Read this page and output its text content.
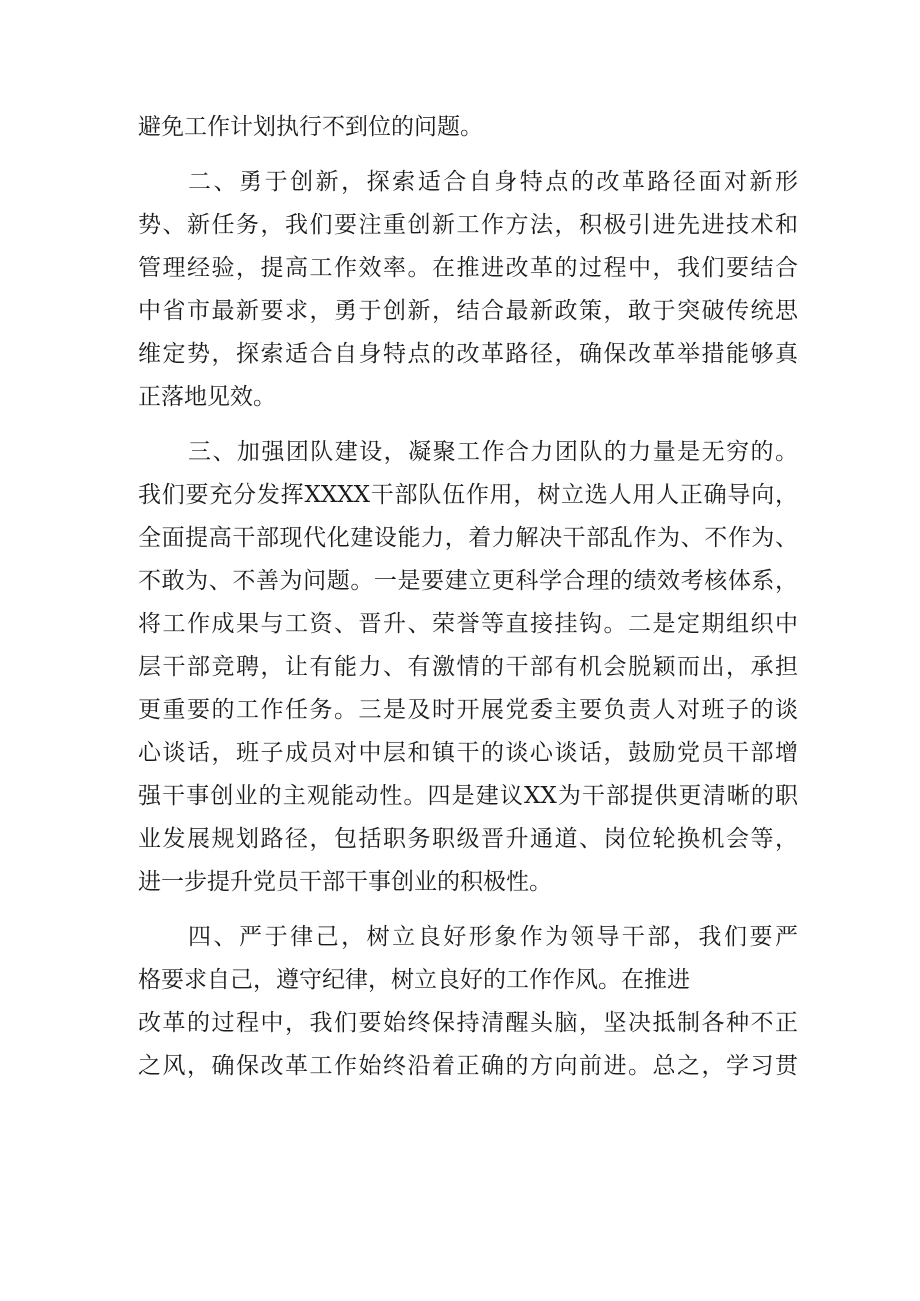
避免工作计划执行不到位的问题。
二、勇于创新，探索适合自身特点的改革路径面对新形
势、新任务，我们要注重创新工作方法，积极引进先进技术和
管理经验，提高工作效率。在推进改革的过程中，我们要结合
中省市最新要求，勇于创新，结合最新政策，敢于突破传统思
维定势，探索适合自身特点的改革路径，确保改革举措能够真
正落地见效。
三、加强团队建设，凝聚工作合力团队的力量是无穷的。
我们要充分发挥XXXX干部队伍作用，树立选人用人正确导向，
全面提高干部现代化建设能力，着力解决干部乱作为、不作为、
不敢为、不善为问题。一是要建立更科学合理的绩效考核体系，
将工作成果与工资、晋升、荣誉等直接挂钩。二是定期组织中
层干部竞聘，让有能力、有激情的干部有机会脱颖而出，承担
更重要的工作任务。三是及时开展党委主要负责人对班子的谈
心谈话，班子成员对中层和镇干的谈心谈话，鼓励党员干部增
强干事创业的主观能动性。四是建议XX为干部提供更清晰的职
业发展规划路径，包括职务职级晋升通道、岗位轮换机会等，
进一步提升党员干部干事创业的积极性。
四、严于律己，树立良好形象作为领导干部，我们要严
格要求自己，遵守纪律，树立良好的工作作风。在推进
改革的过程中，我们要始终保持清醒头脑，坚决抵制各种不正
之风，确保改革工作始终沿着正确的方向前进。总之，学习贯
